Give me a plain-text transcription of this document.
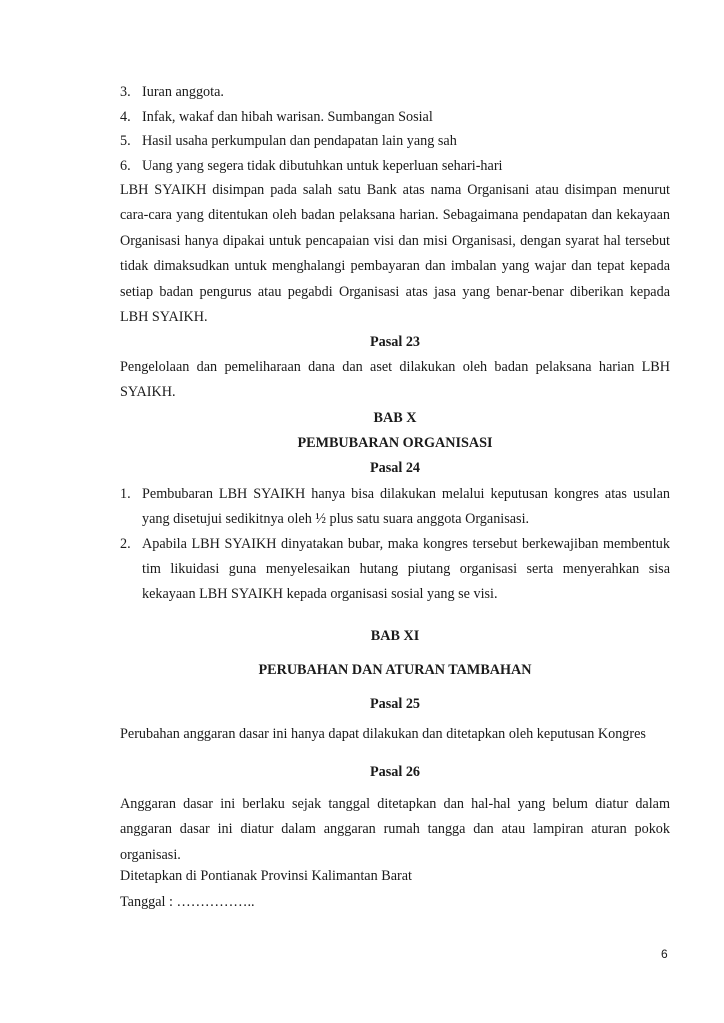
3. Iuran anggota.
4. Infak, wakaf dan hibah warisan. Sumbangan Sosial
5. Hasil usaha perkumpulan dan pendapatan lain yang sah
6. Uang yang segera tidak dibutuhkan untuk keperluan sehari-hari
LBH SYAIKH disimpan pada salah satu Bank atas nama Organisani atau disimpan menurut cara-cara yang ditentukan oleh badan pelaksana harian. Sebagaimana pendapatan dan kekayaan Organisasi hanya dipakai untuk pencapaian visi dan misi Organisasi, dengan syarat hal tersebut tidak dimaksudkan untuk menghalangi pembayaran dan imbalan yang wajar dan tepat kepada setiap badan pengurus atau pegabdi Organisasi atas jasa yang benar-benar diberikan kepada LBH SYAIKH.
Pasal 23
Pengelolaan dan pemeliharaan dana dan aset dilakukan oleh badan pelaksana harian LBH SYAIKH.
BAB X
PEMBUBARAN ORGANISASI
Pasal 24
1. Pembubaran LBH SYAIKH hanya bisa dilakukan melalui keputusan kongres atas usulan yang disetujui sedikitnya oleh ½ plus satu suara anggota Organisasi.
2. Apabila LBH SYAIKH dinyatakan bubar, maka kongres tersebut berkewajiban membentuk tim likuidasi guna menyelesaikan hutang piutang organisasi serta menyerahkan sisa kekayaan LBH SYAIKH kepada organisasi sosial yang se visi.
BAB XI
PERUBAHAN DAN ATURAN TAMBAHAN
Pasal 25
Perubahan anggaran dasar ini hanya dapat dilakukan dan ditetapkan oleh keputusan Kongres
Pasal 26
Anggaran dasar ini berlaku sejak tanggal ditetapkan dan hal-hal yang belum diatur dalam anggaran dasar ini diatur dalam anggaran rumah tangga dan atau lampiran aturan pokok organisasi.
Ditetapkan di Pontianak Provinsi Kalimantan Barat
Tanggal : ……………..
6
